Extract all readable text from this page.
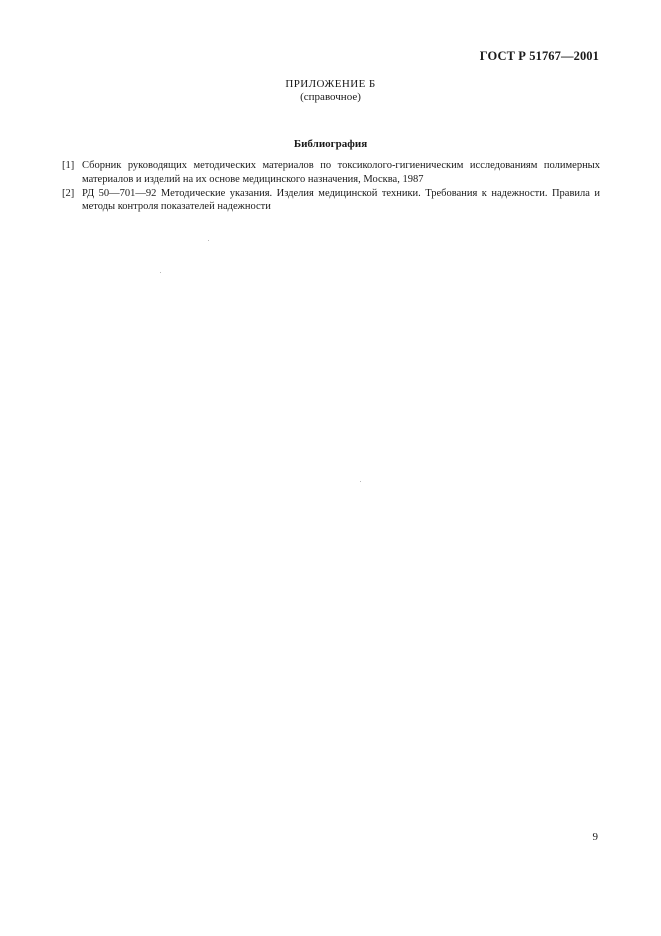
ГОСТ Р 51767—2001
ПРИЛОЖЕНИЕ Б
(справочное)
Библиография
[1] Сборник руководящих методических материалов по токсиколого-гигиеническим исследованиям полимерных материалов и изделий на их основе медицинского назначения, Москва, 1987
[2] РД 50—701—92 Методические указания. Изделия медицинской техники. Требования к надежности. Правила и методы контроля показателей надежности
9
